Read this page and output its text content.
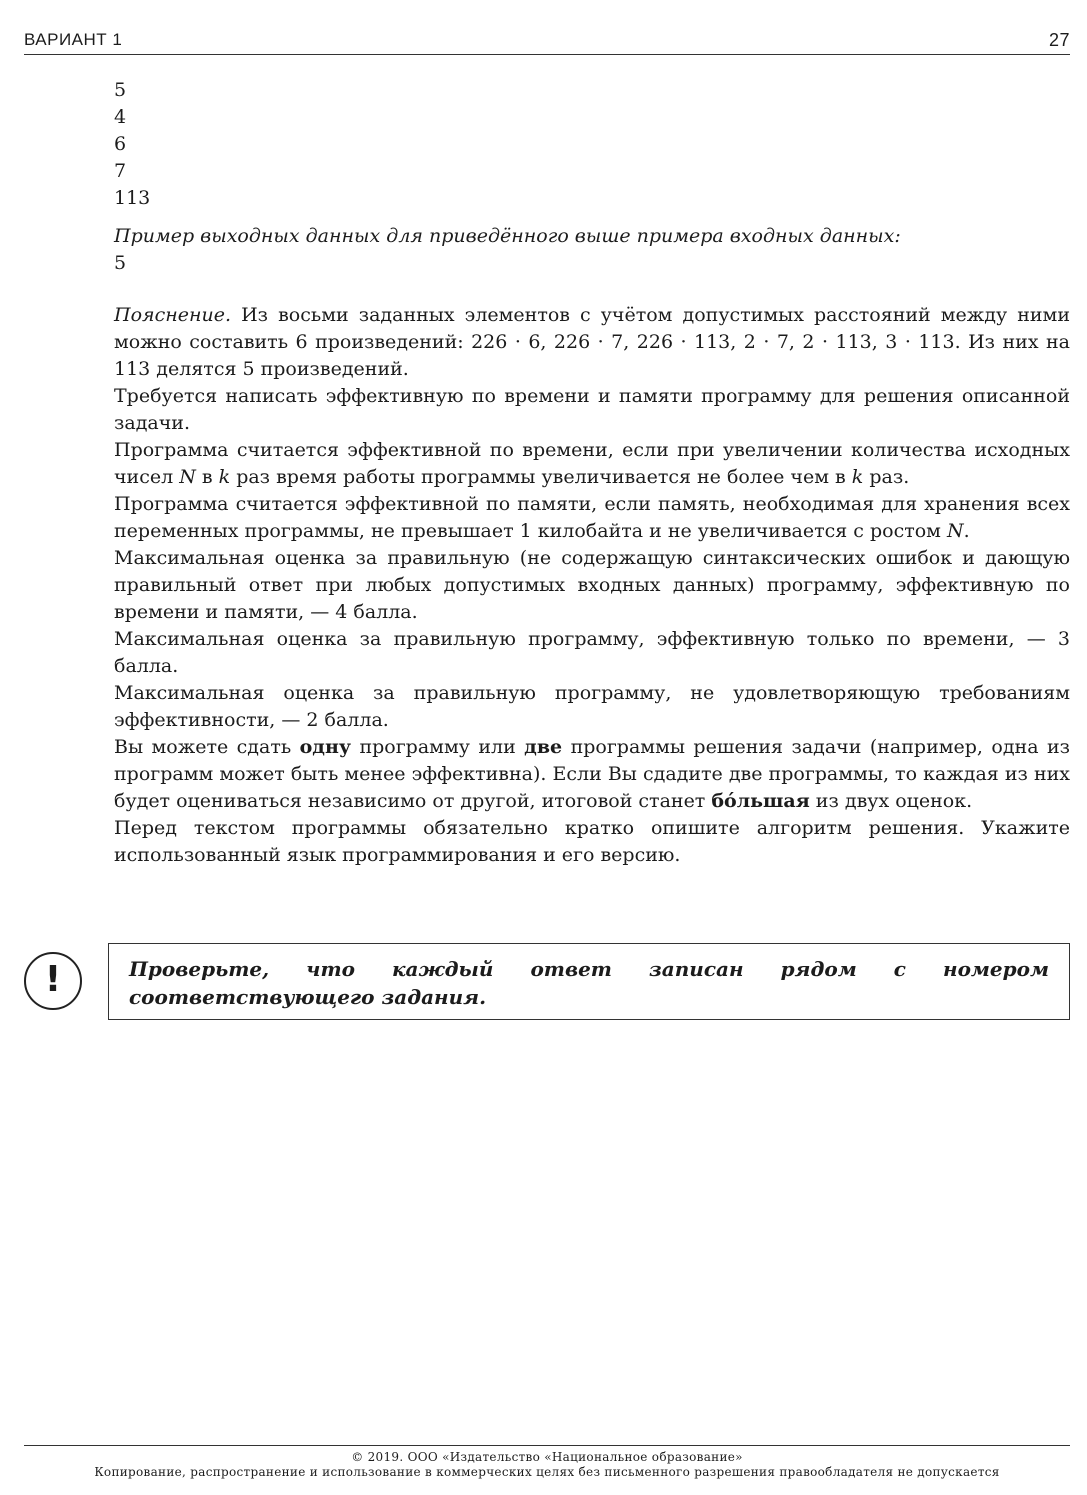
ВАРИАНТ 1	27
5
4
6
7
113

Пример выходных данных для приведённого выше примера входных данных:

5

Пояснение. Из восьми заданных элементов с учётом допустимых расстояний между ними можно составить 6 произведений: 226 · 6, 226 · 7, 226 · 113, 2 · 7, 2 · 113, 3 · 113. Из них на 113 делятся 5 произведений.

Требуется написать эффективную по времени и памяти программу для решения описанной задачи.

Программа считается эффективной по времени, если при увеличении количества исходных чисел N в k раз время работы программы увеличивается не более чем в k раз.

Программа считается эффективной по памяти, если память, необходимая для хранения всех переменных программы, не превышает 1 килобайта и не увеличивается с ростом N.

Максимальная оценка за правильную (не содержащую синтаксических ошибок и дающую правильный ответ при любых допустимых входных данных) программу, эффективную по времени и памяти, — 4 балла.

Максимальная оценка за правильную программу, эффективную только по времени, — 3 балла.

Максимальная оценка за правильную программу, не удовлетворяющую требованиям эффективности, — 2 балла.

Вы можете сдать одну программу или две программы решения задачи (например, одна из программ может быть менее эффективна). Если Вы сдадите две программы, то каждая из них будет оцениваться независимо от другой, итоговой станет бóльшая из двух оценок.

Перед текстом программы обязательно кратко опишите алгоритм решения. Укажите использованный язык программирования и его версию.

!	Проверьте, что каждый ответ записан рядом с номером соответствующего задания.
© 2019. ООО «Издательство «Национальное образование»
Копирование, распространение и использование в коммерческих целях без письменного разрешения правообладателя не допускается
